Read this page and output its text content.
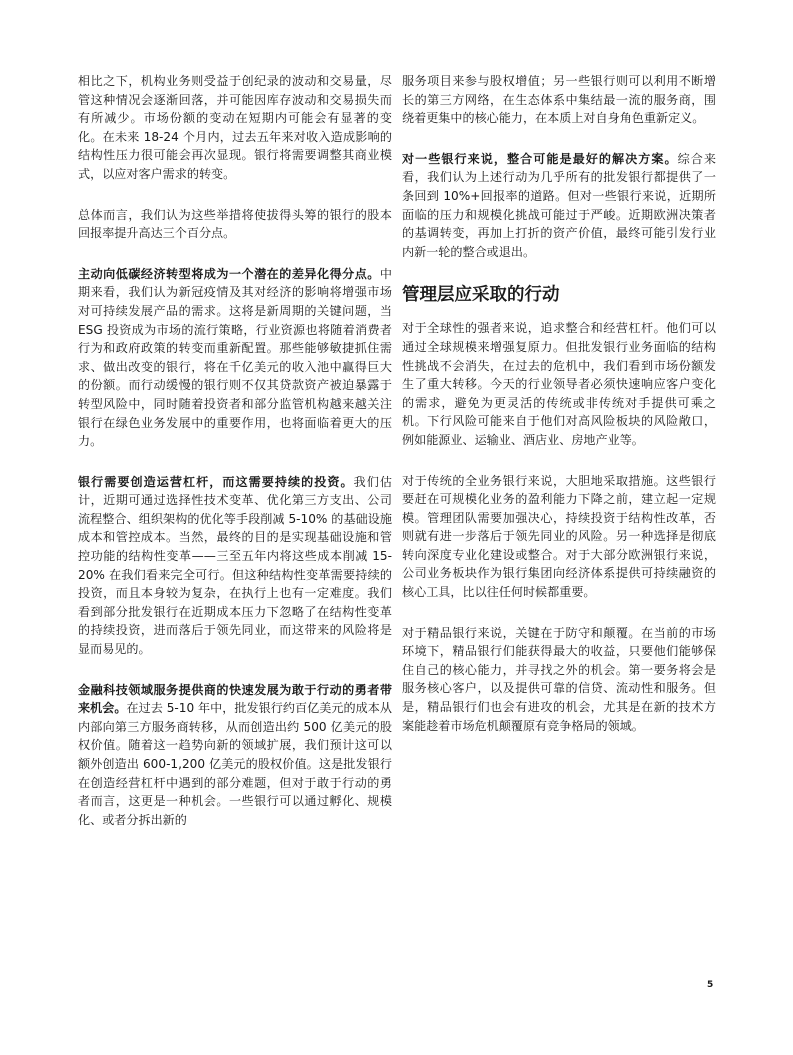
相比之下，机构业务则受益于创纪录的波动和交易量，尽管这种情况会逐渐回落，并可能因库存波动和交易损失而有所减少。市场份额的变动在短期内可能会有显著的变化。在未来 18-24 个月内，过去五年来对收入造成影响的结构性压力很可能会再次显现。银行将需要调整其商业模式，以应对客户需求的转变。

总体而言，我们认为这些举措将使拔得头筹的银行的股本回报率提升高达三个百分点。

主动向低碳经济转型将成为一个潜在的差异化得分点。中期来看，我们认为新冠疫情及其对经济的影响将增强市场对可持续发展产品的需求。这将是新周期的关键问题，当 ESG 投资成为市场的流行策略，行业资源也将随着消费者行为和政府政策的转变而重新配置。那些能够敏捷抓住需求、做出改变的银行，将在千亿美元的收入池中赢得巨大的份额。而行动缓慢的银行则不仅其贷款资产被迫暴露于转型风险中，同时随着投资者和部分监管机构越来越关注银行在绿色业务发展中的重要作用，也将面临着更大的压力。

银行需要创造运营杠杆，而这需要持续的投资。我们估计，近期可通过选择性技术变革、优化第三方支出、公司流程整合、组织架构的优化等手段削减 5-10% 的基础设施成本和管控成本。当然，最终的目的是实现基础设施和管控功能的结构性变革——三至五年内将这些成本削减 15-20% 在我们看来完全可行。但这种结构性变革需要持续的投资，而且本身较为复杂，在执行上也有一定难度。我们看到部分批发银行在近期成本压力下忽略了在结构性变革的持续投资，进而落后于领先同业，而这带来的风险将是显而易见的。

金融科技领域服务提供商的快速发展为敢于行动的勇者带来机会。在过去 5-10 年中，批发银行约百亿美元的成本从内部向第三方服务商转移，从而创造出约 500 亿美元的股权价值。随着这一趋势向新的领域扩展，我们预计这可以额外创造出 600-1,200 亿美元的股权价值。这是批发银行在创造经营杠杆中遇到的部分难题，但对于敢于行动的勇者而言，这更是一种机会。一些银行可以通过孵化、规模化、或者分拆出新的

服务项目来参与股权增值；另一些银行则可以利用不断增长的第三方网络，在生态体系中集结最一流的服务商，围绕着更集中的核心能力，在本质上对自身角色重新定义。

对一些银行来说，整合可能是最好的解决方案。综合来看，我们认为上述行动为几乎所有的批发银行都提供了一条回到 10%+回报率的道路。但对一些银行来说，近期所面临的压力和规模化挑战可能过于严峻。近期欧洲决策者的基调转变，再加上打折的资产价值，最终可能引发行业内新一轮的整合或退出。

管理层应采取的行动

对于全球性的强者来说，追求整合和经营杠杆。他们可以通过全球规模来增强复原力。但批发银行业务面临的结构性挑战不会消失，在过去的危机中，我们看到市场份额发生了重大转移。今天的行业领导者必须快速响应客户变化的需求，避免为更灵活的传统或非传统对手提供可乘之机。下行风险可能来自于他们对高风险板块的风险敞口，例如能源业、运输业、酒店业、房地产业等。

对于传统的全业务银行来说，大胆地采取措施。这些银行要赶在可规模化业务的盈利能力下降之前，建立起一定规模。管理团队需要加强决心，持续投资于结构性改革，否则就有进一步落后于领先同业的风险。另一种选择是彻底转向深度专业化建设或整合。对于大部分欧洲银行来说，公司业务板块作为银行集团向经济体系提供可持续融资的核心工具，比以往任何时候都重要。

对于精品银行来说，关键在于防守和颠覆。在当前的市场环境下，精品银行们能获得最大的收益，只要他们能够保住自己的核心能力，并寻找之外的机会。第一要务将会是服务核心客户，以及提供可靠的信贷、流动性和服务。但是，精品银行们也会有进攻的机会，尤其是在新的技术方案能趁着市场危机颠覆原有竞争格局的领域。

5
